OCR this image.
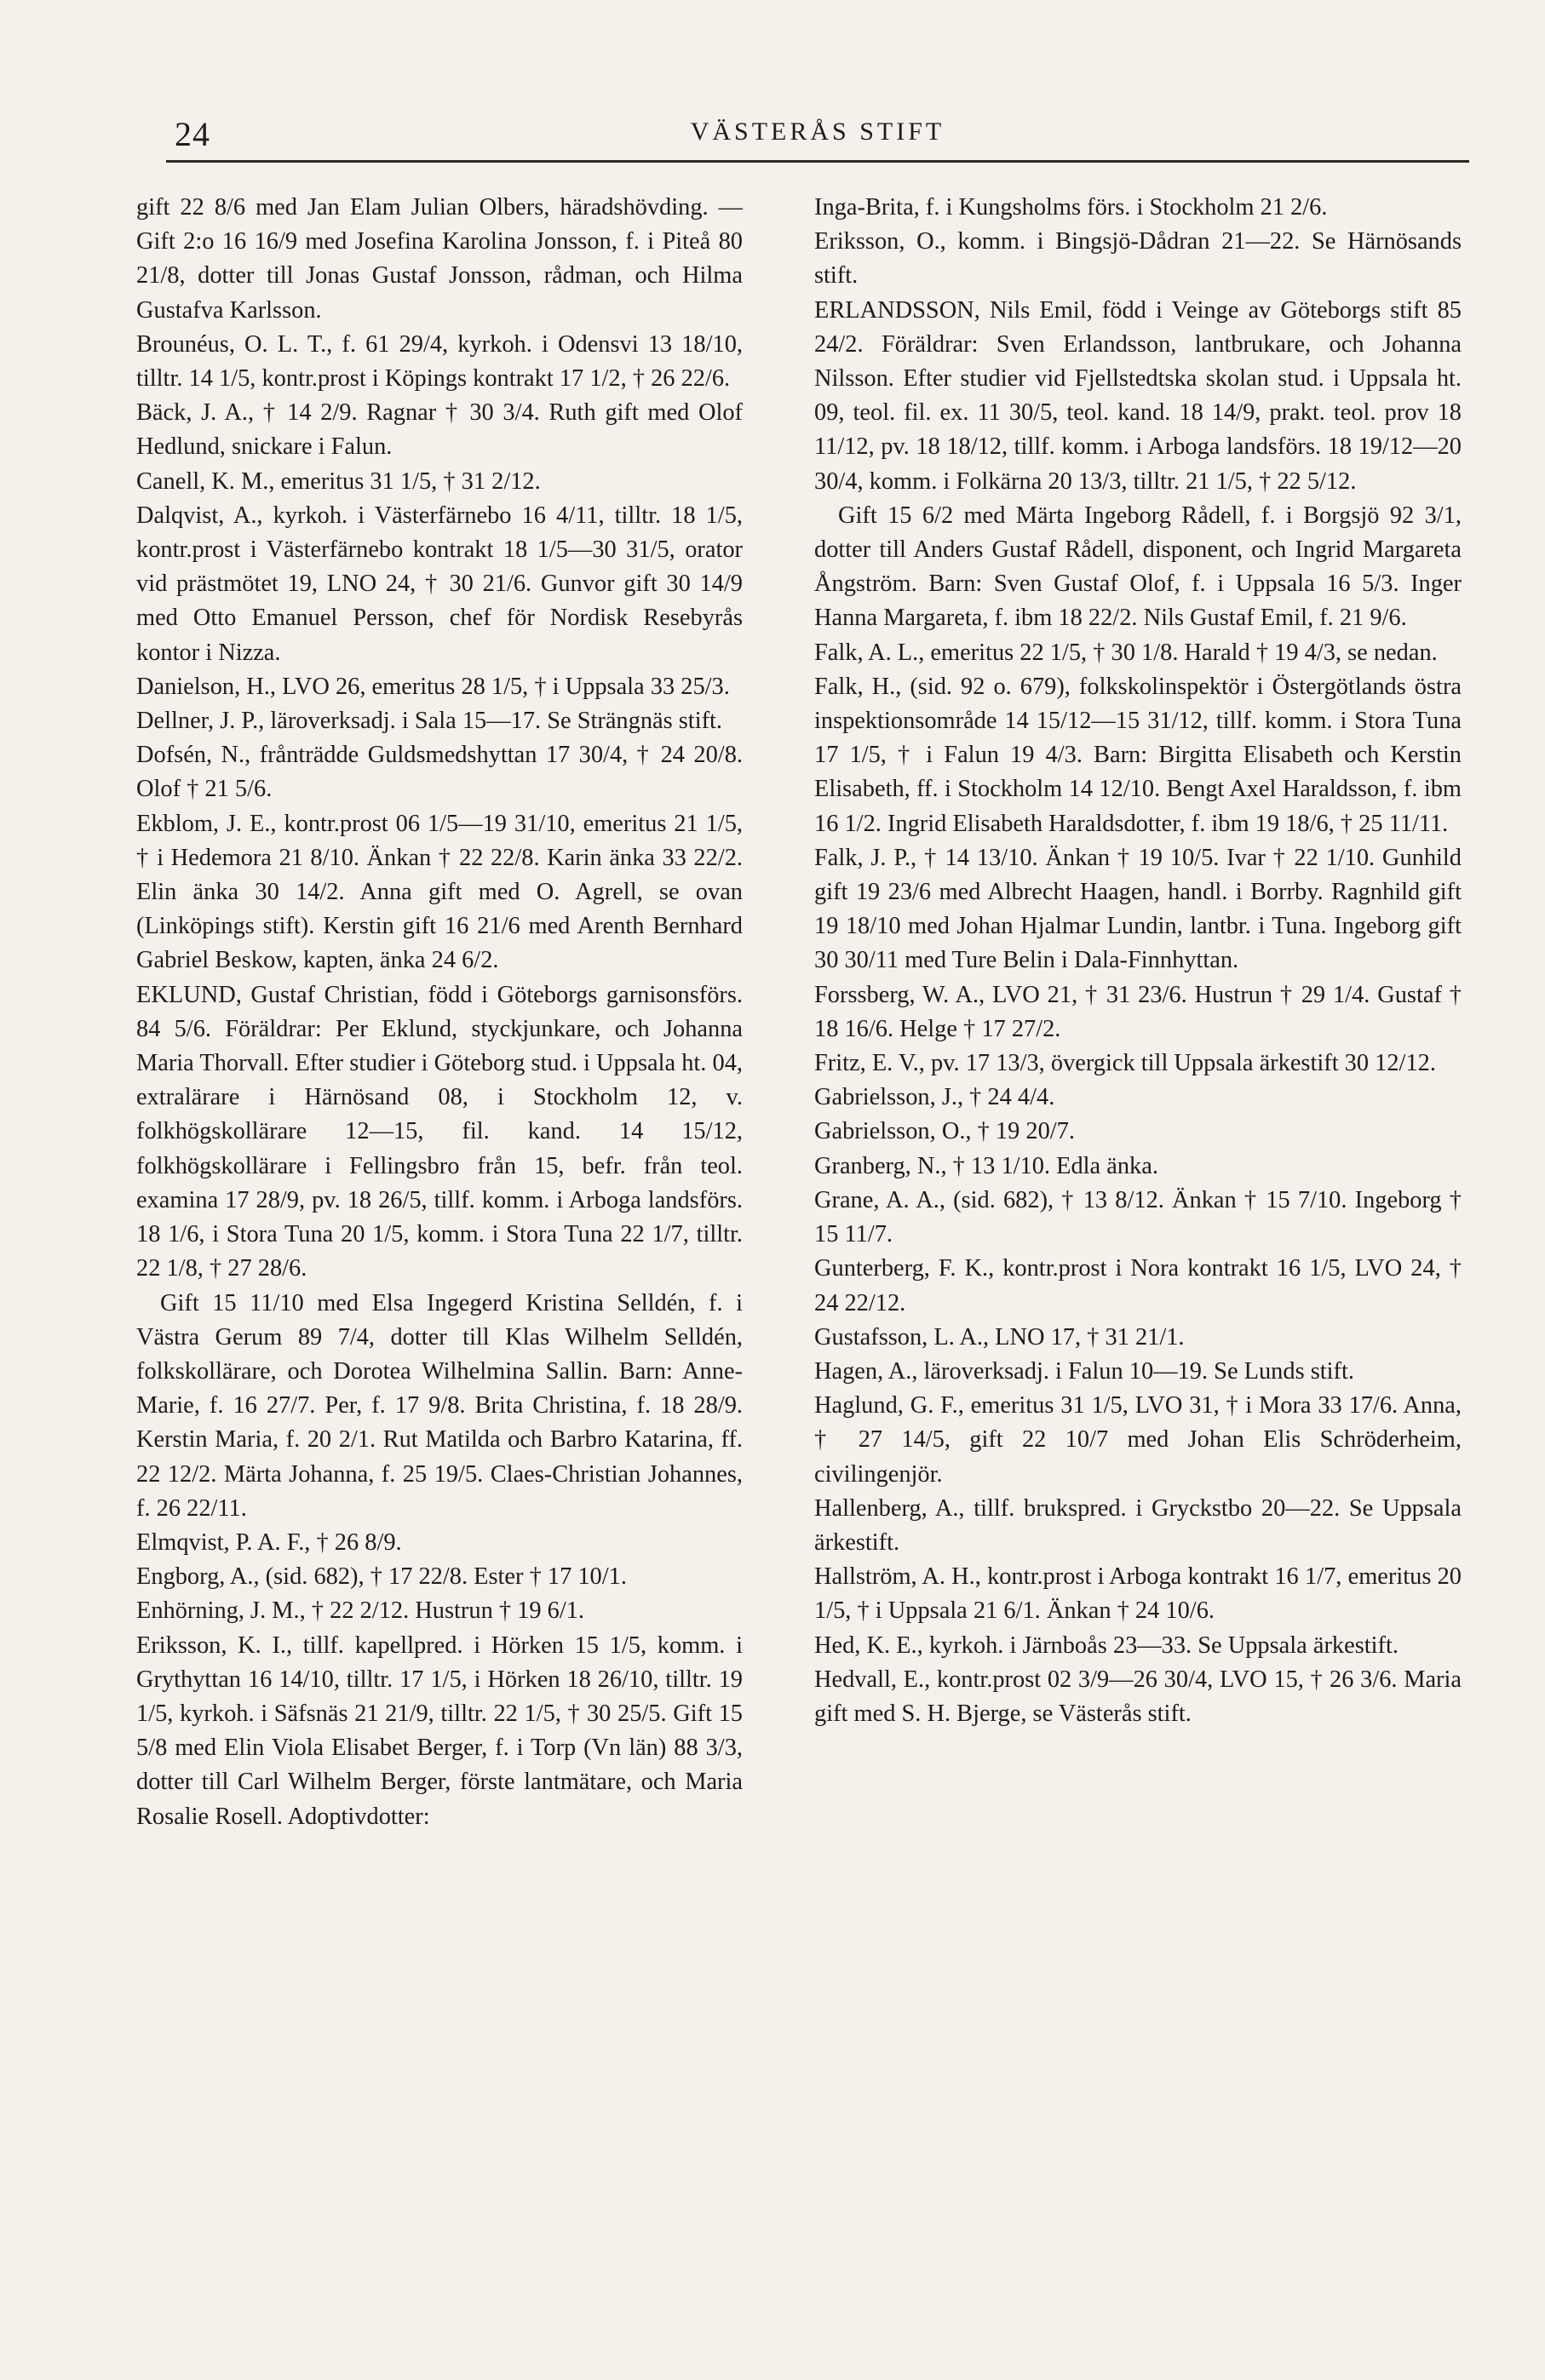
24	VÄSTERÅS STIFT

gift 22 8/6 med Jan Elam Julian Olbers, häradshövding. — Gift 2:o 16 16/9 med Josefina Karolina Jonsson, f. i Piteå 80 21/8, dotter till Jonas Gustaf Jonsson, rådman, och Hilma Gustafva Karlsson.

Brounéus, O. L. T., f. 61 29/4, kyrkoh. i Odensvi 13 18/10, tilltr. 14 1/5, kontr.prost i Köpings kontrakt 17 1/2, † 26 22/6.

Bäck, J. A., † 14 2/9. Ragnar † 30 3/4. Ruth gift med Olof Hedlund, snickare i Falun.

Canell, K. M., emeritus 31 1/5, † 31 2/12.

Dalqvist, A., kyrkoh. i Västerfärnebo 16 4/11, tilltr. 18 1/5, kontr.prost i Västerfärnebo kontrakt 18 1/5—30 31/5, orator vid prästmötet 19, LNO 24, † 30 21/6. Gunvor gift 30 14/9 med Otto Emanuel Persson, chef för Nordisk Resebyrås kontor i Nizza.

Danielson, H., LVO 26, emeritus 28 1/5, † i Uppsala 33 25/3.

Dellner, J. P., läroverksadj. i Sala 15—17. Se Strängnäs stift.

Dofsén, N., frånträdde Guldsmedshyttan 17 30/4, † 24 20/8. Olof † 21 5/6.

Ekblom, J. E., kontr.prost 06 1/5—19 31/10, emeritus 21 1/5, † i Hedemora 21 8/10. Änkan † 22 22/8. Karin änka 33 22/2. Elin änka 30 14/2. Anna gift med O. Agrell, se ovan (Linköpings stift). Kerstin gift 16 21/6 med Arenth Bernhard Gabriel Beskow, kapten, änka 24 6/2.

EKLUND, Gustaf Christian, född i Göteborgs garnisonsförs. 84 5/6. Föräldrar: Per Eklund, styckjunkare, och Johanna Maria Thorvall. Efter studier i Göteborg stud. i Uppsala ht. 04, extralärare i Härnösand 08, i Stockholm 12, v. folkhögskollärare 12—15, fil. kand. 14 15/12, folkhögskollärare i Fellingsbro från 15, befr. från teol. examina 17 28/9, pv. 18 26/5, tillf. komm. i Arboga landsförs. 18 1/6, i Stora Tuna 20 1/5, komm. i Stora Tuna 22 1/7, tilltr. 22 1/8, † 27 28/6.

Gift 15 11/10 med Elsa Ingegerd Kristina Selldén, f. i Västra Gerum 89 7/4, dotter till Klas Wilhelm Selldén, folkskollärare, och Dorotea Wilhelmina Sallin. Barn: Anne-Marie, f. 16 27/7. Per, f. 17 9/8. Brita Christina, f. 18 28/9. Kerstin Maria, f. 20 2/1. Rut Matilda och Barbro Katarina, ff. 22 12/2. Märta Johanna, f. 25 19/5. Claes-Christian Johannes, f. 26 22/11.

Elmqvist, P. A. F., † 26 8/9.

Engborg, A., (sid. 682), † 17 22/8. Ester † 17 10/1.

Enhörning, J. M., † 22 2/12. Hustrun † 19 6/1.

Eriksson, K. I., tillf. kapellpred. i Hörken 15 1/5, komm. i Grythyttan 16 14/10, tilltr. 17 1/5, i Hörken 18 26/10, tilltr. 19 1/5, kyrkoh. i Säfsnäs 21 21/9, tilltr. 22 1/5, † 30 25/5. Gift 15 5/8 med Elin Viola Elisabet Berger, f. i Torp (Vn län) 88 3/3, dotter till Carl Wilhelm Berger, förste lantmätare, och Maria Rosalie Rosell. Adoptivdotter:

Inga-Brita, f. i Kungsholms förs. i Stockholm 21 2/6.

Eriksson, O., komm. i Bingsjö-Dådran 21—22. Se Härnösands stift.

ERLANDSSON, Nils Emil, född i Veinge av Göteborgs stift 85 24/2. Föräldrar: Sven Erlandsson, lantbrukare, och Johanna Nilsson. Efter studier vid Fjellstedtska skolan stud. i Uppsala ht. 09, teol. fil. ex. 11 30/5, teol. kand. 18 14/9, prakt. teol. prov 18 11/12, pv. 18 18/12, tillf. komm. i Arboga landsförs. 18 19/12—20 30/4, komm. i Folkärna 20 13/3, tilltr. 21 1/5, † 22 5/12.

Gift 15 6/2 med Märta Ingeborg Rådell, f. i Borgsjö 92 3/1, dotter till Anders Gustaf Rådell, disponent, och Ingrid Margareta Ångström. Barn: Sven Gustaf Olof, f. i Uppsala 16 5/3. Inger Hanna Margareta, f. ibm 18 22/2. Nils Gustaf Emil, f. 21 9/6.

Falk, A. L., emeritus 22 1/5, † 30 1/8. Harald † 19 4/3, se nedan.

Falk, H., (sid. 92 o. 679), folkskolinspektör i Östergötlands östra inspektionsområde 14 15/12—15 31/12, tillf. komm. i Stora Tuna 17 1/5, † i Falun 19 4/3. Barn: Birgitta Elisabeth och Kerstin Elisabeth, ff. i Stockholm 14 12/10. Bengt Axel Haraldsson, f. ibm 16 1/2. Ingrid Elisabeth Haraldsdotter, f. ibm 19 18/6, † 25 11/11.

Falk, J. P., † 14 13/10. Änkan † 19 10/5. Ivar † 22 1/10. Gunhild gift 19 23/6 med Albrecht Haagen, handl. i Borrby. Ragnhild gift 19 18/10 med Johan Hjalmar Lundin, lantbr. i Tuna. Ingeborg gift 30 30/11 med Ture Belin i Dala-Finnhyttan.

Forssberg, W. A., LVO 21, † 31 23/6. Hustrun † 29 1/4. Gustaf † 18 16/6. Helge † 17 27/2.

Fritz, E. V., pv. 17 13/3, övergick till Uppsala ärkestift 30 12/12.

Gabrielsson, J., † 24 4/4.

Gabrielsson, O., † 19 20/7.

Granberg, N., † 13 1/10. Edla änka.

Grane, A. A., (sid. 682), † 13 8/12. Änkan † 15 7/10. Ingeborg † 15 11/7.

Gunterberg, F. K., kontr.prost i Nora kontrakt 16 1/5, LVO 24, † 24 22/12.

Gustafsson, L. A., LNO 17, † 31 21/1.

Hagen, A., läroverksadj. i Falun 10—19. Se Lunds stift.

Haglund, G. F., emeritus 31 1/5, LVO 31, † i Mora 33 17/6. Anna, † 27 14/5, gift 22 10/7 med Johan Elis Schröderheim, civilingenjör.

Hallenberg, A., tillf. brukspred. i Gryckstbo 20—22. Se Uppsala ärkestift.

Hallström, A. H., kontr.prost i Arboga kontrakt 16 1/7, emeritus 20 1/5, † i Uppsala 21 6/1. Änkan † 24 10/6.

Hed, K. E., kyrkoh. i Järnboås 23—33. Se Uppsala ärkestift.

Hedvall, E., kontr.prost 02 3/9—26 30/4, LVO 15, † 26 3/6. Maria gift med S. H. Bjerge, se Västerås stift.
